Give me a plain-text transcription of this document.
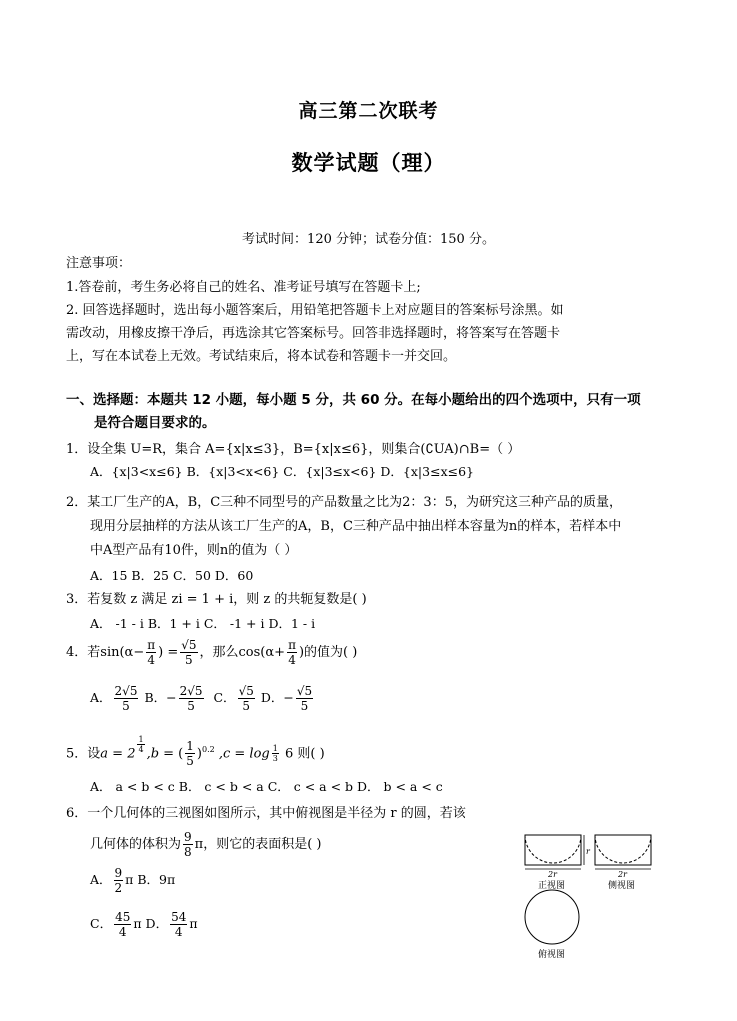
高三第二次联考
数学试题（理）
考试时间：120 分钟；试卷分值：150 分。
注意事项：
1.答卷前，考生务必将自己的姓名、准考证号填写在答题卡上;
2. 回答选择题时，选出每小题答案后，用铅笔把答题卡上对应题目的答案标号涂黑。如
需改动，用橡皮擦干净后，再选涂其它答案标号。回答非选择题时，将答案写在答题卡
上，写在本试卷上无效。考试结束后，将本试卷和答题卡一并交回。
一、选择题：本题共 12 小题，每小题 5 分，共 60 分。在每小题给出的四个选项中，只有一项
是符合题目要求的。
1．设全集 U=R，集合 A={x|x≤3}，B={x|x≤6}，则集合(∁UA)∩B=（ ）
A．{x|3<x≤6} B．{x|3<x<6} C．{x|3≤x<6} D．{x|3≤x≤6}
2．某工厂生产的A，B，C三种不同型号的产品数量之比为2：3：5，为研究这三种产品的质量，
现用分层抽样的方法从该工厂生产的A，B，C三种产品中抽出样本容量为n的样本，若样本中
中A型产品有10件，则n的值为（ ）
A．15 B．25 C．50 D．60
3．若复数 z 满足 zi = 1 + i，则 z 的共轭复数是( )
A． -1 - i B．1 + i C． -1 + i D．1 - i
4．若$\sin(\alpha- \frac{\pi}{4}$ ) = $\frac{√5}{5}$ ，那么$\cos(\alpha+ \frac{\pi}{4}$ )的值为( )
A． $\frac{2√5}{5}$ B．− $\frac{2√5}{5}$ C． $\frac{√5}{5}$ D．− $\frac{√5}{5}$
5．设$a = 2 \frac{1}{4} ,b$ = ( $\frac{1}{5} )^{0.2}$ $,c = \log \frac{1}{3} 6$ 则( )
A． a < b < c B． c < b < a C． c < a < b D． b < a < c
6．一个几何体的三视图如图所示，其中俯视图是半径为 r 的圆，若该
几何体的体积为 $\frac{9}{8}$ π，则它的表面积是( )
A． $\frac{9}{2}$ π B．9π
C． $\frac{45}{4}$ π D． $\frac{54}{4}$ π
r
2r
正视图
2r
侧视图
俯视图
